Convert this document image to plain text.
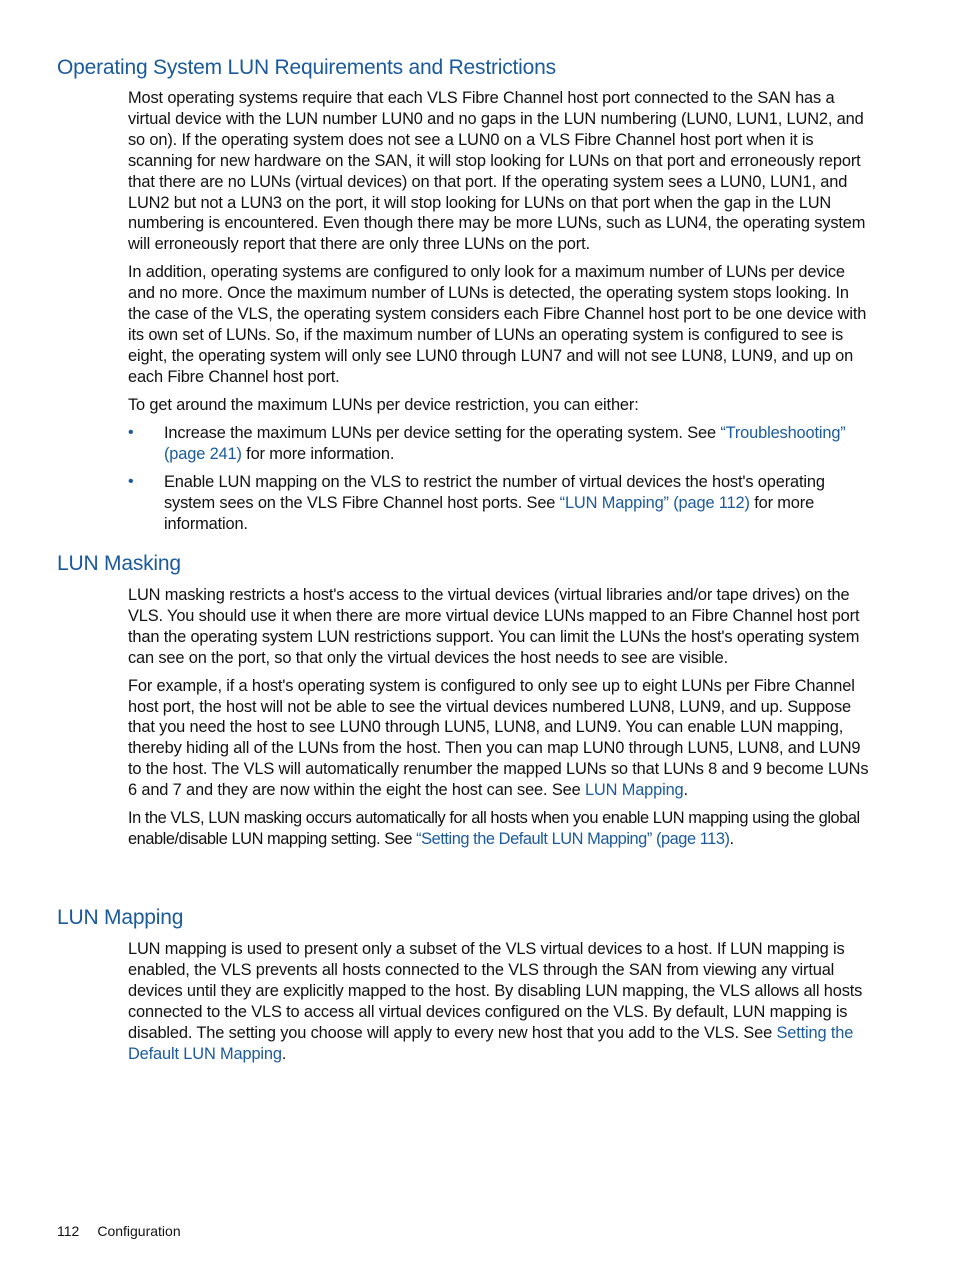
Operating System LUN Requirements and Restrictions

Most operating systems require that each VLS Fibre Channel host port connected to the SAN has a virtual device with the LUN number LUN0 and no gaps in the LUN numbering (LUN0, LUN1, LUN2, and so on). If the operating system does not see a LUN0 on a VLS Fibre Channel host port when it is scanning for new hardware on the SAN, it will stop looking for LUNs on that port and erroneously report that there are no LUNs (virtual devices) on that port. If the operating system sees a LUN0, LUN1, and LUN2 but not a LUN3 on the port, it will stop looking for LUNs on that port when the gap in the LUN numbering is encountered. Even though there may be more LUNs, such as LUN4, the operating system will erroneously report that there are only three LUNs on the port.

In addition, operating systems are configured to only look for a maximum number of LUNs per device and no more. Once the maximum number of LUNs is detected, the operating system stops looking. In the case of the VLS, the operating system considers each Fibre Channel host port to be one device with its own set of LUNs. So, if the maximum number of LUNs an operating system is configured to see is eight, the operating system will only see LUN0 through LUN7 and will not see LUN8, LUN9, and up on each Fibre Channel host port.

To get around the maximum LUNs per device restriction, you can either:

• Increase the maximum LUNs per device setting for the operating system. See “Troubleshooting” (page 241) for more information.
• Enable LUN mapping on the VLS to restrict the number of virtual devices the host's operating system sees on the VLS Fibre Channel host ports. See “LUN Mapping” (page 112) for more information.
LUN Masking

LUN masking restricts a host's access to the virtual devices (virtual libraries and/or tape drives) on the VLS. You should use it when there are more virtual device LUNs mapped to an Fibre Channel host port than the operating system LUN restrictions support. You can limit the LUNs the host's operating system can see on the port, so that only the virtual devices the host needs to see are visible.

For example, if a host's operating system is configured to only see up to eight LUNs per Fibre Channel host port, the host will not be able to see the virtual devices numbered LUN8, LUN9, and up. Suppose that you need the host to see LUN0 through LUN5, LUN8, and LUN9. You can enable LUN mapping, thereby hiding all of the LUNs from the host. Then you can map LUN0 through LUN5, LUN8, and LUN9 to the host. The VLS will automatically renumber the mapped LUNs so that LUNs 8 and 9 become LUNs 6 and 7 and they are now within the eight the host can see. See LUN Mapping.

In the VLS, LUN masking occurs automatically for all hosts when you enable LUN mapping using the global enable/disable LUN mapping setting. See “Setting the Default LUN Mapping” (page 113).

LUN Mapping

LUN mapping is used to present only a subset of the VLS virtual devices to a host. If LUN mapping is enabled, the VLS prevents all hosts connected to the VLS through the SAN from viewing any virtual devices until they are explicitly mapped to the host. By disabling LUN mapping, the VLS allows all hosts connected to the VLS to access all virtual devices configured on the VLS. By default, LUN mapping is disabled. The setting you choose will apply to every new host that you add to the VLS. See Setting the Default LUN Mapping.

112 Configuration
